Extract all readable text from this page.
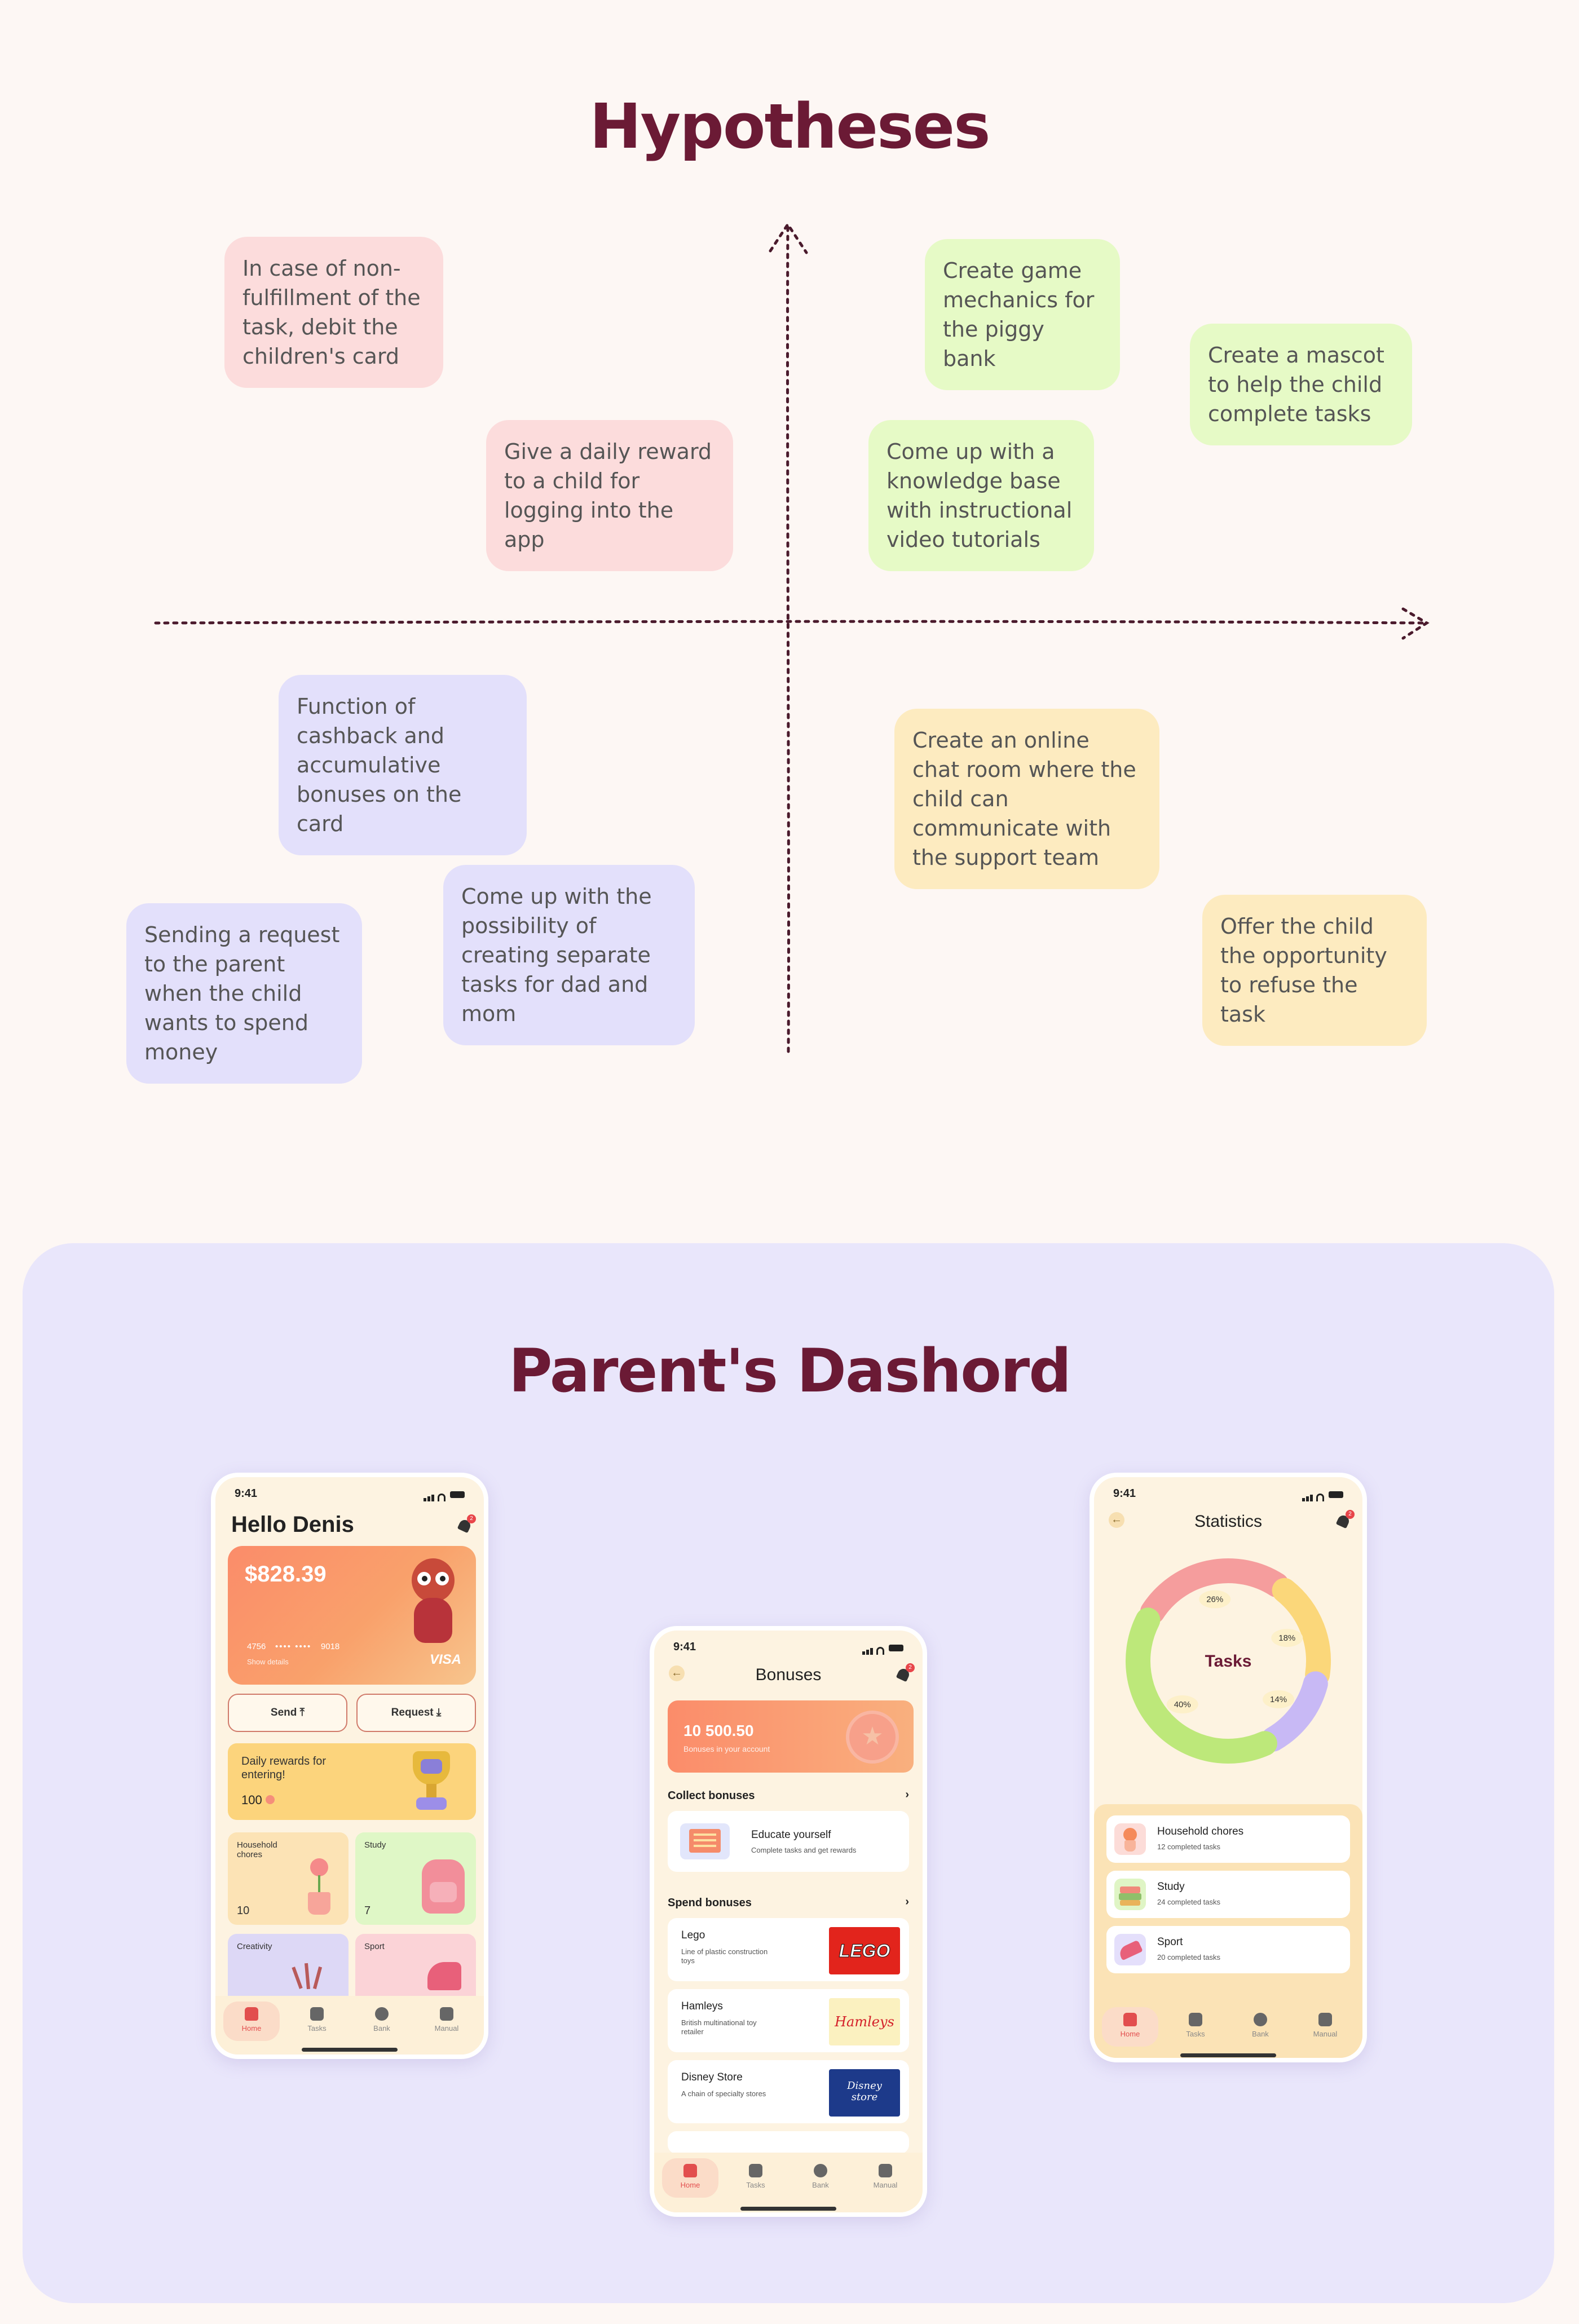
Hypotheses
In case of non-fulfillment of the task, debit the children's card
Give a daily reward to a child for logging into the app
Create game mechanics for the piggy bank	Create a mascot to help the child complete tasks
Come up with a knowledge base with instructional video tutorials
Function of cashback and accumulative bonuses on the card
Sending a request to the parent when the child wants to spend money
Come up with the possibility of creating separate tasks for dad and mom
Create an online chat room where the child can communicate with the support team
Offer the child the opportunity to refuse the task
Parent's Dashord
9:41
Hello Denis	2
$828.39
4756 •••• •••• 9018
Show details	VISA
Send ⤒	Request ⤓
Daily rewards for entering!
100
Household chores
10
Study
7
Creativity	Sport
Home	Tasks	Bank	Manual
9:41
←	Bonuses	2
10 500.50
Bonuses in your account	★
Collect bonuses	›
Educate yourself
Complete tasks and get rewards
Spend bonuses	›
Lego
Line of plastic construction toys	LEGO
Hamleys
British multinational toy retailer
Hamleys
Disney Store
A chain of specialty stores
Disney store
Home	Tasks	Bank	Manual
9:41
←	Statistics	2
26%
18%
14%
40%
Tasks
Household chores
12 completed tasks
Study
24 completed tasks
Sport
20 completed tasks
Home	Tasks	Bank	Manual
